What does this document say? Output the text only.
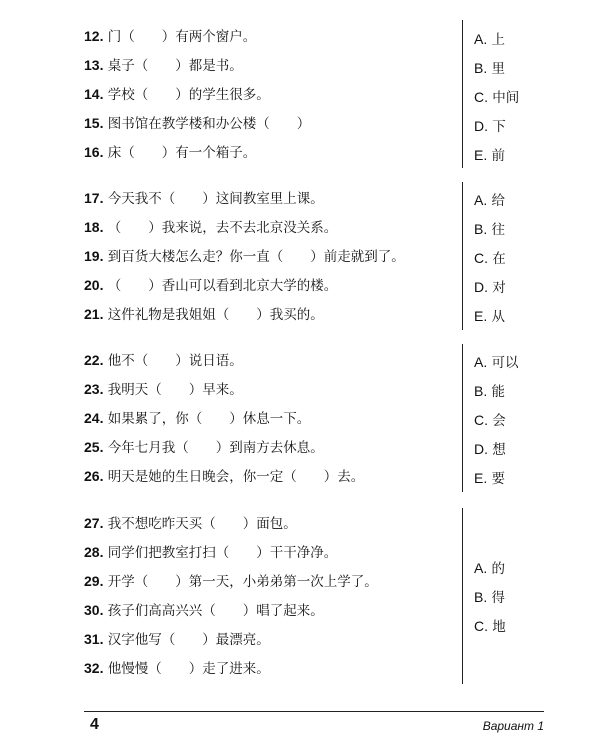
12. 门（　　）有两个窗户。
13. 桌子（　　）都是书。
14. 学校（　　）的学生很多。
15. 图书馆在教学楼和办公楼（　　）
16. 床（　　）有一个箱子。
A. 上
B. 里
C. 中间
D. 下
E. 前
17. 今天我不（　　）这间教室里上课。
18. （　　）我来说，去不去北京没关系。
19. 到百货大楼怎么走？你一直（　　）前走就到了。
20. （　　）香山可以看到北京大学的楼。
21. 这件礼物是我姐姐（　　）我买的。
A. 给
B. 往
C. 在
D. 对
E. 从
22. 他不（　　）说日语。
23. 我明天（　　）早来。
24. 如果累了，你（　　）休息一下。
25. 今年七月我（　　）到南方去休息。
26. 明天是她的生日晚会，你一定（　　）去。
A. 可以
B. 能
C. 会
D. 想
E. 要
27. 我不想吃昨天买（　　）面包。
28. 同学们把教室打扫（　　）干干净净。
29. 开学（　　）第一天，小弟弟第一次上学了。
30. 孩子们高高兴兴（　　）唱了起来。
31. 汉字他写（　　）最漂亮。
32. 他慢慢（　　）走了进来。
A. 的
B. 得
C. 地
4	Вариант 1
